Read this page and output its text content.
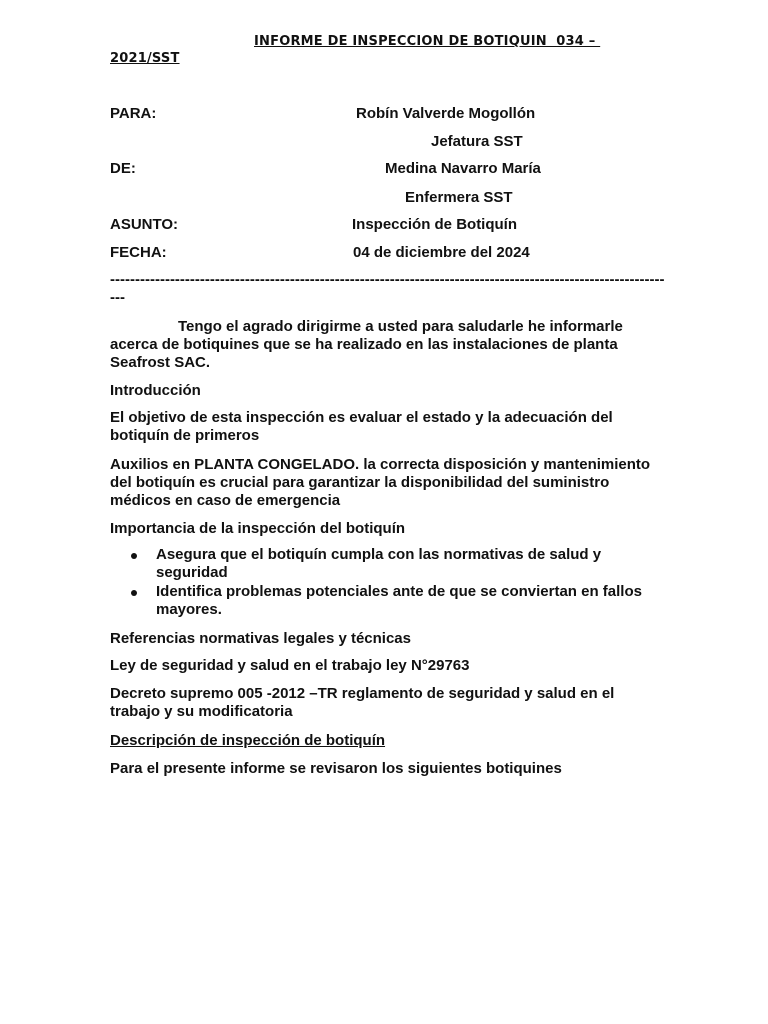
INFORME DE INSPECCION DE BOTIQUIN  034 –
2021/SST
PARA:	Robín Valverde Mogollón
Jefatura SST
DE:	Medina Navarro María
Enfermera SST
ASUNTO:	Inspección de Botiquín
FECHA:	04 de diciembre del 2024
------------------------------------------------------------------------------------------------------------------
Tengo el agrado dirigirme a usted para saludarle he informarle acerca de botiquines que se ha realizado en las instalaciones de planta Seafrost SAC.
Introducción
El objetivo de esta inspección es evaluar el estado y la adecuación del botiquín de primeros
Auxilios en PLANTA CONGELADO. la correcta disposición y mantenimiento del botiquín es crucial para garantizar la disponibilidad del suministro médicos en caso de emergencia
Importancia de la inspección del botiquín
Asegura que el botiquín cumpla con las normativas de salud y seguridad
Identifica problemas potenciales ante de que se conviertan en fallos mayores.
Referencias normativas legales y técnicas
Ley de seguridad y salud en el trabajo ley N°29763
Decreto supremo 005 -2012 –TR reglamento de seguridad y salud en el trabajo y su modificatoria
Descripción de inspección de botiquín
Para el presente informe se revisaron los siguientes botiquines
